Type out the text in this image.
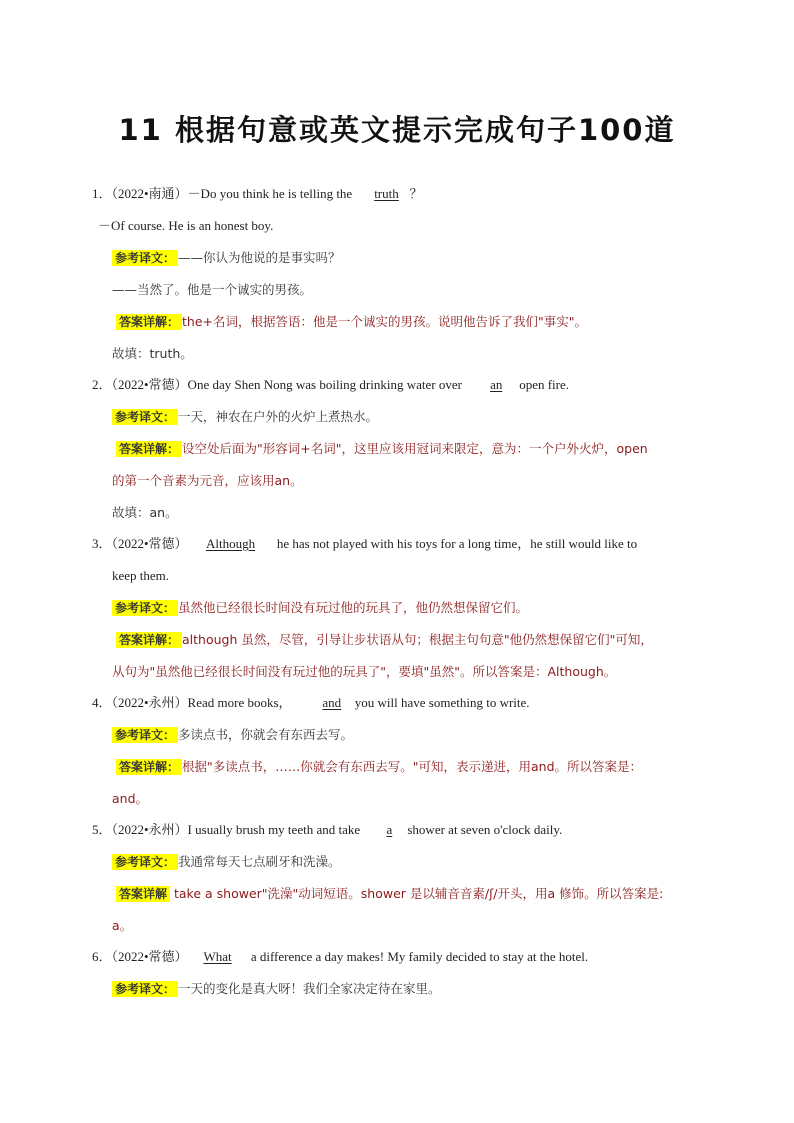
11 根据句意或英文提示完成句子100道
1．（2022•南通）－Do you think he is telling the truth ？
－Of course. He is an honest boy.
参考译文： ——你认为他说的是事实吗？
——当然了。他是一个诚实的男孩。
答案详解： the+名词，根据答语：他是一个诚实的男孩。说明他告诉了我们"事实"。
故填：truth。
2．（2022•常德）One day Shen Nong was boiling drinking water over an open fire.
参考译文： 一天，神农在户外的火炉上煮热水。
答案详解： 设空处后面为"形容词+名词"，这里应该用冠词来限定，意为：一个户外火炉，open
的第一个音素为元音，应该用an。
故填：an。
3．（2022•常德） Although he has not played with his toys for a long time，he still would like to
keep them.
参考译文： 虽然他已经很长时间没有玩过他的玩具了，他仍然想保留它们。
答案详解： although 虽然，尽管，引导让步状语从句；根据主句句意"他仍然想保留它们"可知，
从句为"虽然他已经很长时间没有玩过他的玩具了"，要填"虽然"。所以答案是：Although。
4．（2022•永州）Read more books， and you will have something to write.
参考译文： 多读点书，你就会有东西去写。
答案详解： 根据"多读点书，……你就会有东西去写。"可知，表示递进，用and。所以答案是：
and。
5．（2022•永州）I usually brush my teeth and take a shower at seven o'clock daily.
参考译文： 我通常每天七点刷牙和洗澡。
答案详解 take a shower"洗澡"动词短语。shower 是以辅音音素/ʃ/开头，用a 修饰。所以答案是:
a。
6．（2022•常德） What a difference a day makes! My family decided to stay at the hotel.
参考译文： 一天的变化是真大呀！我们全家决定待在家里。
